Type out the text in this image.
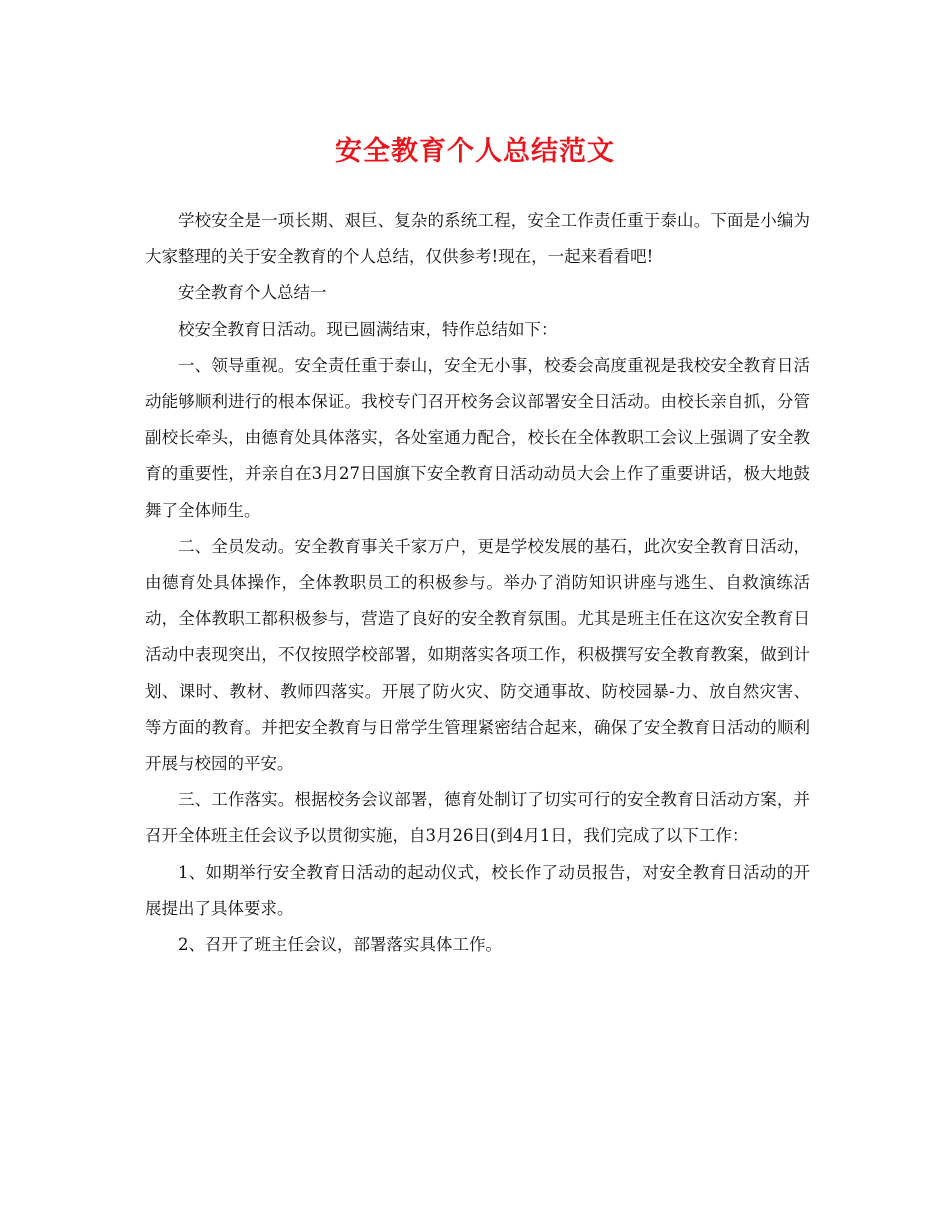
安全教育个人总结范文

学校安全是一项长期、艰巨、复杂的系统工程，安全工作责任重于泰山。下面是小编为大家整理的关于安全教育的个人总结，仅供参考!现在，一起来看看吧!

安全教育个人总结一

校安全教育日活动。现已圆满结束，特作总结如下：

一、领导重视。安全责任重于泰山，安全无小事，校委会高度重视是我校安全教育日活动能够顺利进行的根本保证。我校专门召开校务会议部署安全日活动。由校长亲自抓，分管副校长牵头，由德育处具体落实，各处室通力配合，校长在全体教职工会议上强调了安全教育的重要性，并亲自在3月27日国旗下安全教育日活动动员大会上作了重要讲话，极大地鼓舞了全体师生。

二、全员发动。安全教育事关千家万户，更是学校发展的基石，此次安全教育日活动，由德育处具体操作，全体教职员工的积极参与。举办了消防知识讲座与逃生、自救演练活动，全体教职工都积极参与，营造了良好的安全教育氛围。尤其是班主任在这次安全教育日活动中表现突出，不仅按照学校部署，如期落实各项工作，积极撰写安全教育教案，做到计划、课时、教材、教师四落实。开展了防火灾、防交通事故、防校园暴-力、放自然灾害、等方面的教育。并把安全教育与日常学生管理紧密结合起来，确保了安全教育日活动的顺利开展与校园的平安。

三、工作落实。根据校务会议部署，德育处制订了切实可行的安全教育日活动方案，并召开全体班主任会议予以贯彻实施，自3月26日(到4月1日，我们完成了以下工作：

1、如期举行安全教育日活动的起动仪式，校长作了动员报告，对安全教育日活动的开展提出了具体要求。

2、召开了班主任会议，部署落实具体工作。
